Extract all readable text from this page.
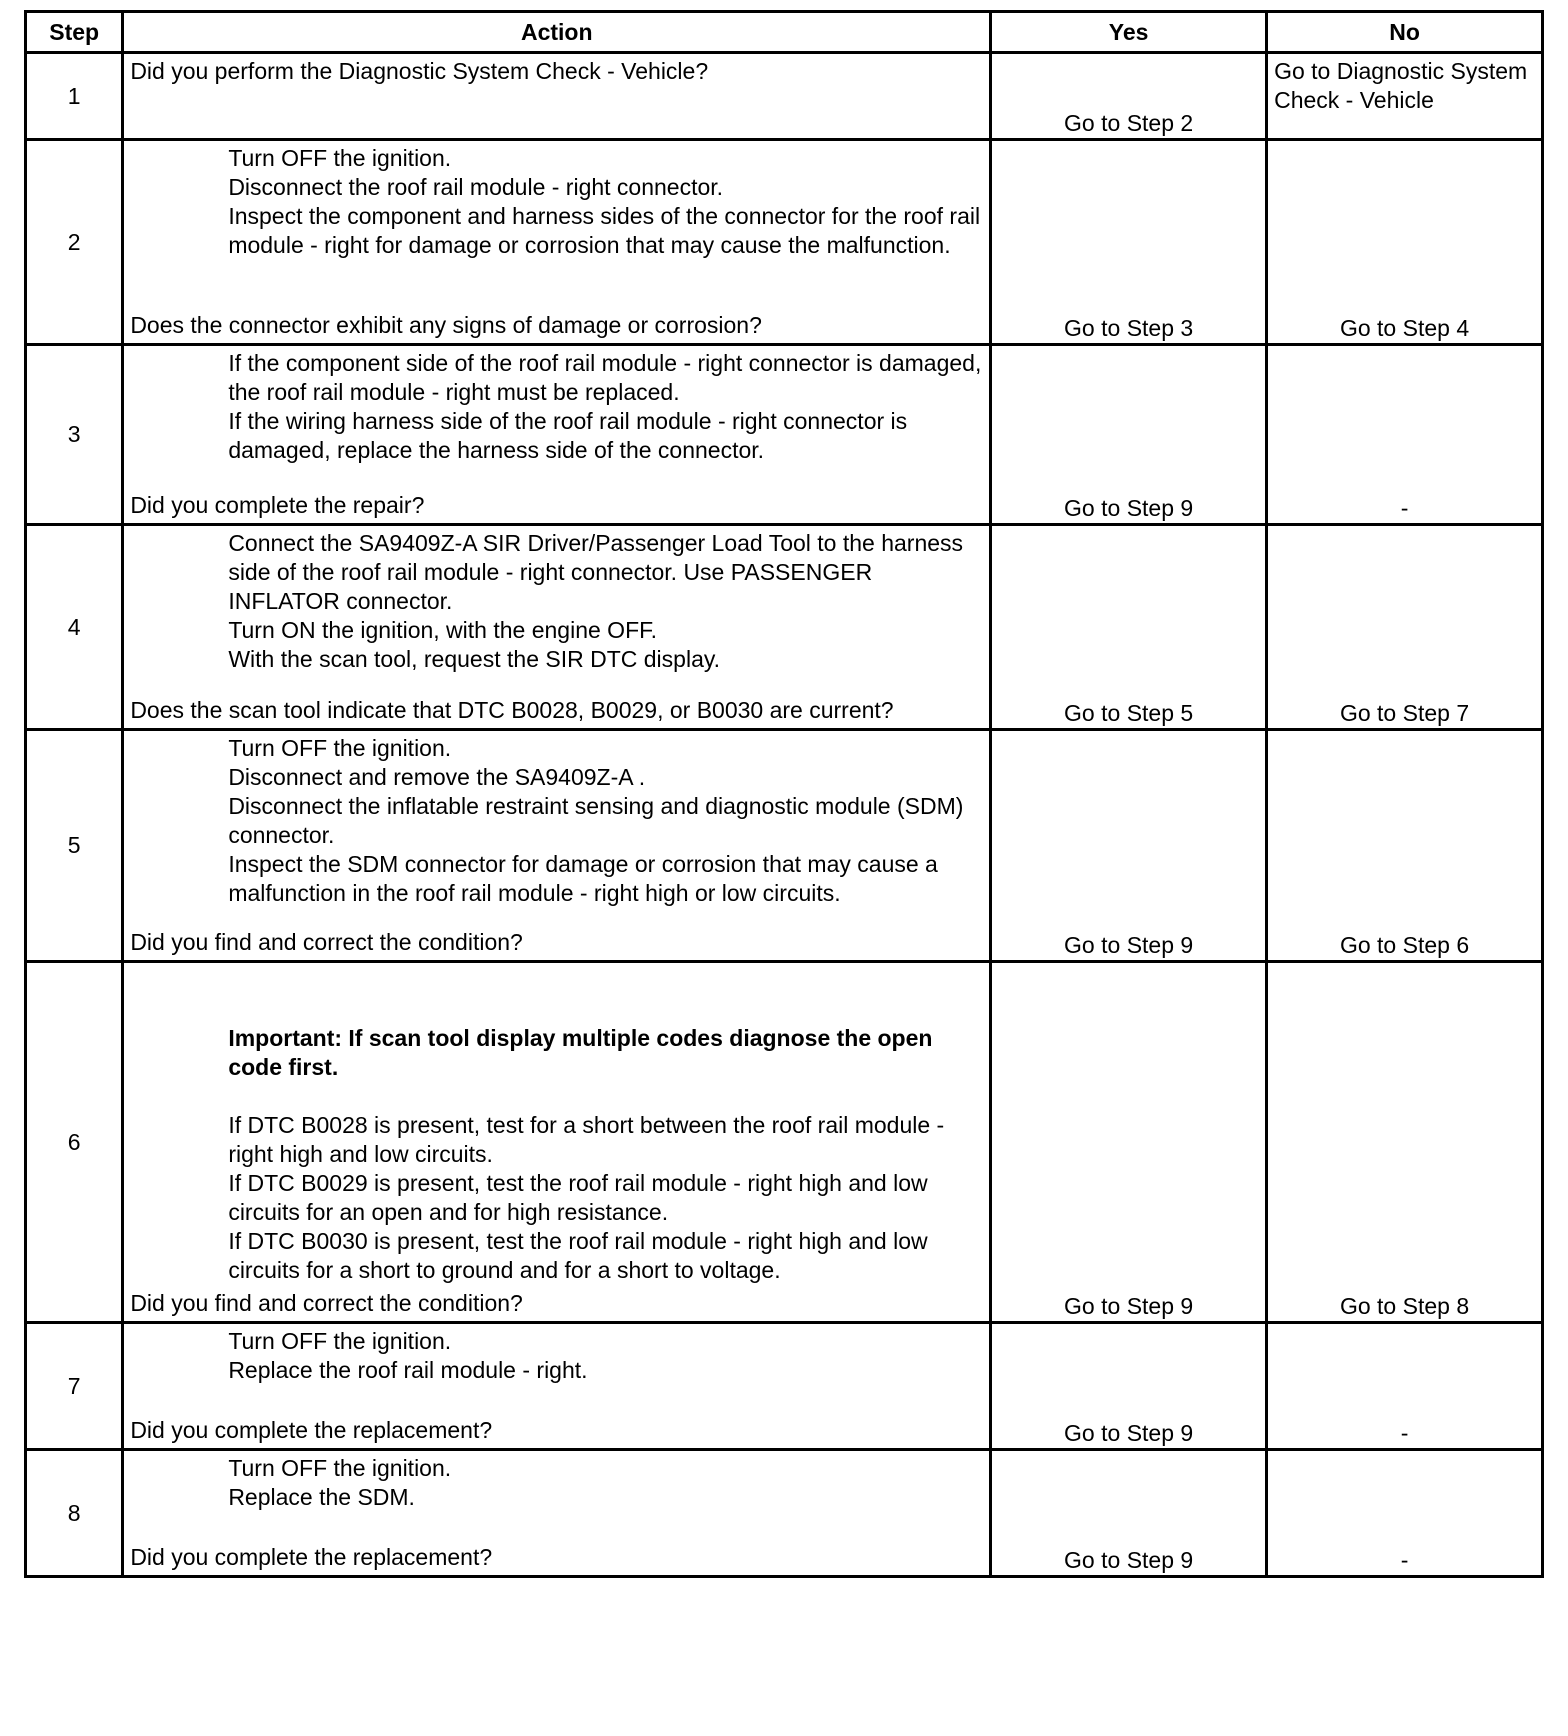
Step	Action	Yes	No
1	Did you perform the Diagnostic System Check - Vehicle?	Go to Step 2	Go to Diagnostic System Check - Vehicle
2	Turn OFF the ignition.
Disconnect the roof rail module - right connector.
Inspect the component and harness sides of the connector for the roof rail module - right for damage or corrosion that may cause the malfunction.
Does the connector exhibit any signs of damage or corrosion?	Go to Step 3	Go to Step 4
3	If the component side of the roof rail module - right connector is damaged, the roof rail module - right must be replaced.
If the wiring harness side of the roof rail module - right connector is damaged, replace the harness side of the connector.
Did you complete the repair?	Go to Step 9	-
4	Connect the SA9409Z-A SIR Driver/Passenger Load Tool to the harness side of the roof rail module - right connector. Use PASSENGER INFLATOR connector.
Turn ON the ignition, with the engine OFF.
With the scan tool, request the SIR DTC display.
Does the scan tool indicate that DTC B0028, B0029, or B0030 are current?	Go to Step 5	Go to Step 7
5	Turn OFF the ignition.
Disconnect and remove the SA9409Z-A .
Disconnect the inflatable restraint sensing and diagnostic module (SDM) connector.
Inspect the SDM connector for damage or corrosion that may cause a malfunction in the roof rail module - right high or low circuits.
Did you find and correct the condition?	Go to Step 9	Go to Step 6
6	Important: If scan tool display multiple codes diagnose the open code first.
If DTC B0028 is present, test for a short between the roof rail module - right high and low circuits.
If DTC B0029 is present, test the roof rail module - right high and low circuits for an open and for high resistance.
If DTC B0030 is present, test the roof rail module - right high and low circuits for a short to ground and for a short to voltage.
Did you find and correct the condition?	Go to Step 9	Go to Step 8
7	Turn OFF the ignition.
Replace the roof rail module - right.
Did you complete the replacement?	Go to Step 9	-
8	Turn OFF the ignition.
Replace the SDM.
Did you complete the replacement?	Go to Step 9	-
